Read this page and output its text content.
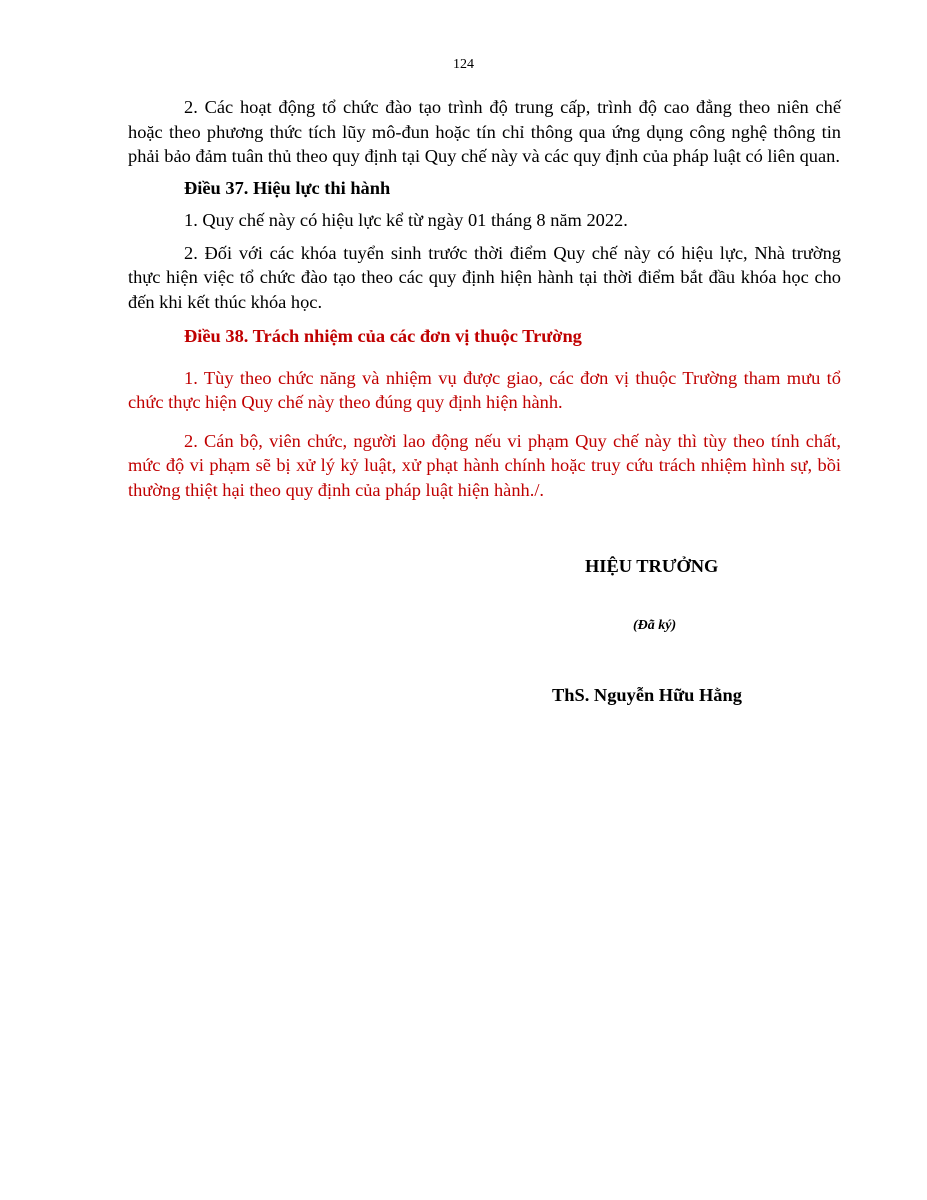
124

2. Các hoạt động tổ chức đào tạo trình độ trung cấp, trình độ cao đẳng theo niên chế hoặc theo phương thức tích lũy mô-đun hoặc tín chỉ thông qua ứng dụng công nghệ thông tin phải bảo đảm tuân thủ theo quy định tại Quy chế này và các quy định của pháp luật có liên quan.

Điều 37. Hiệu lực thi hành

1. Quy chế này có hiệu lực kể từ ngày 01 tháng 8 năm 2022.

2. Đối với các khóa tuyển sinh trước thời điểm Quy chế này có hiệu lực, Nhà trường thực hiện việc tổ chức đào tạo theo các quy định hiện hành tại thời điểm bắt đầu khóa học cho đến khi kết thúc khóa học.

Điều 38. Trách nhiệm của các đơn vị thuộc Trường

1. Tùy theo chức năng và nhiệm vụ được giao, các đơn vị thuộc Trường tham mưu tổ chức thực hiện Quy chế này theo đúng quy định hiện hành.

2. Cán bộ, viên chức, người lao động nếu vi phạm Quy chế này thì tùy theo tính chất, mức độ vi phạm sẽ bị xử lý kỷ luật, xử phạt hành chính hoặc truy cứu trách nhiệm hình sự, bồi thường thiệt hại theo quy định của pháp luật hiện hành./.

HIỆU TRƯỞNG
(Đã ký)
ThS. Nguyễn Hữu Hằng
